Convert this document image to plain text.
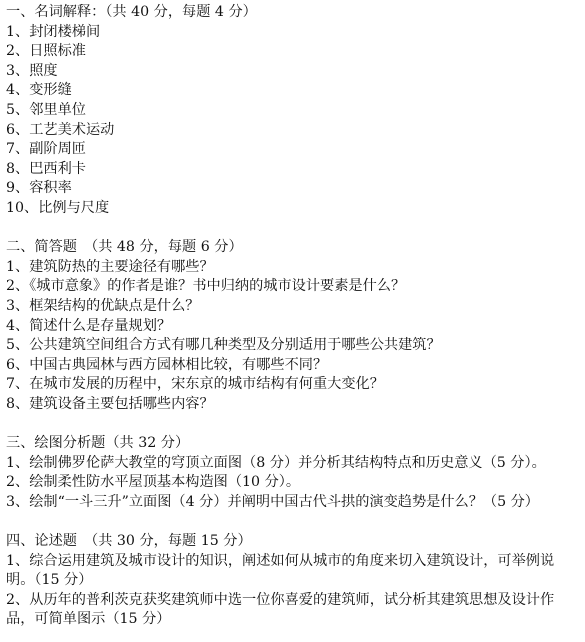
一、名词解释：（共 40 分，每题 4 分）
1、封闭楼梯间
2、日照标准
3、照度
4、变形缝
5、邻里单位
6、工艺美术运动
7、副阶周匝
8、巴西利卡
9、容积率
10、比例与尺度
二、简答题　（共 48 分，每题 6 分）
1、建筑防热的主要途径有哪些？
2、《城市意象》的作者是谁？书中归纳的城市设计要素是什么？
3、框架结构的优缺点是什么？
4、简述什么是存量规划？
5、公共建筑空间组合方式有哪几种类型及分别适用于哪些公共建筑？
6、中国古典园林与西方园林相比较，有哪些不同？
7、在城市发展的历程中，宋东京的城市结构有何重大变化？
8、建筑设备主要包括哪些内容？
三、绘图分析题（共 32 分）
1、绘制佛罗伦萨大教堂的穹顶立面图（8 分）并分析其结构特点和历史意义（5 分）。
2、绘制柔性防水平屋顶基本构造图（10 分）。
3、绘制“一斗三升”立面图（4 分）并阐明中国古代斗拱的演变趋势是什么？（5 分）
四、论述题　（共 30 分，每题 15 分）
1、综合运用建筑及城市设计的知识，阐述如何从城市的角度来切入建筑设计，可举例说明。（15 分）
2、从历年的普利茨克获奖建筑师中选一位你喜爱的建筑师，试分析其建筑思想及设计作品，可简单图示（15 分）
